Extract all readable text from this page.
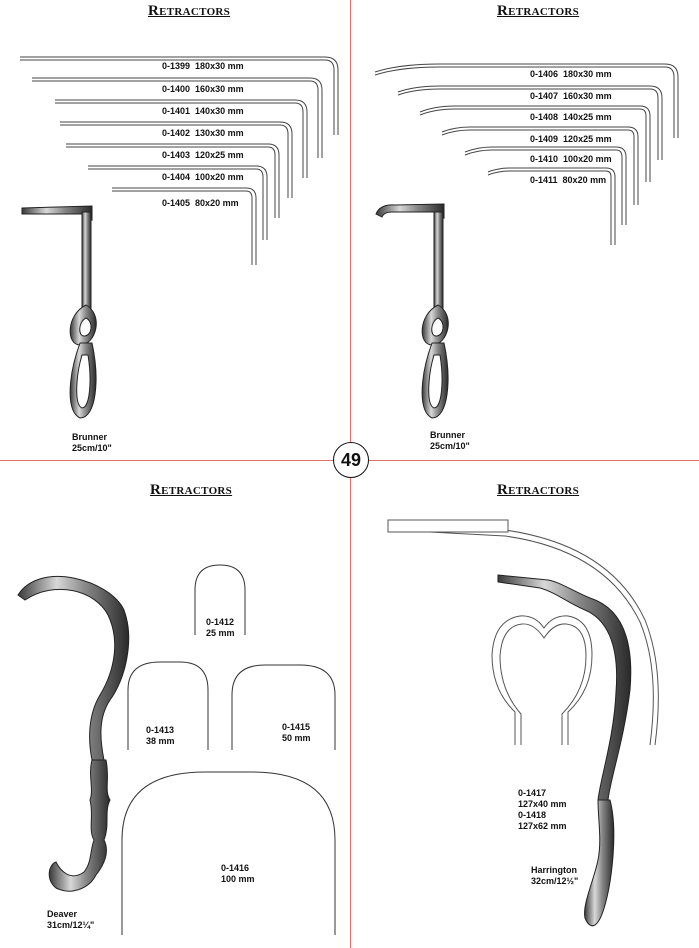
Retractors
0-1399 180x30 mm
0-1400 160x30 mm
0-1401 140x30 mm
0-1402 130x30 mm
0-1403 120x25 mm
0-1404 100x20 mm
0-1405 80x20 mm
Brunner
25cm/10"
Retractors
0-1406 180x30 mm
0-1407 160x30 mm
0-1408 140x25 mm
0-1409 120x25 mm
0-1410 100x20 mm
0-1411 80x20 mm
Brunner
25cm/10"
49
Retractors
0-1412
25 mm
0-1413
38 mm
0-1415
50 mm
0-1416
100 mm
Deaver
31cm/12¼"
Retractors
0-1417
127x40 mm
0-1418
127x62 mm
Harrington
32cm/12½"
